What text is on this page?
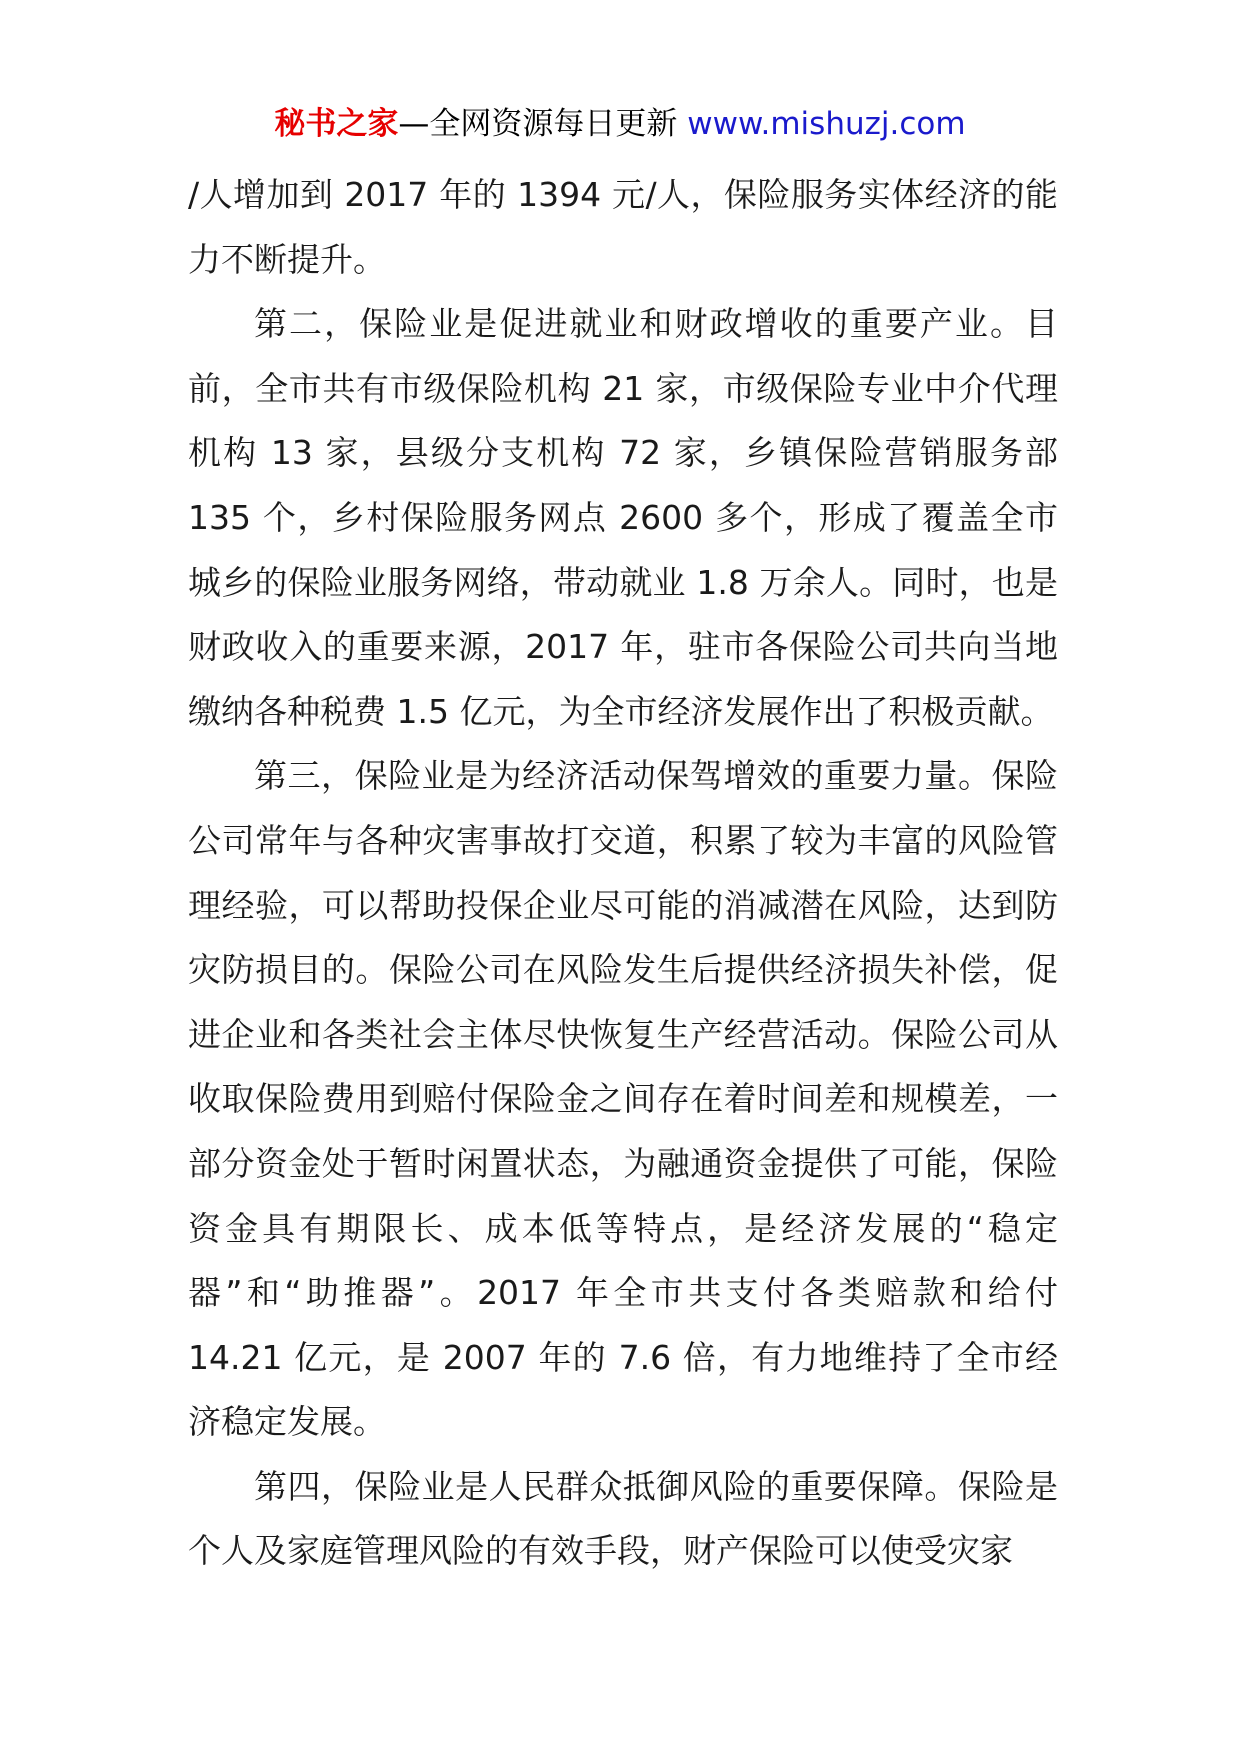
秘书之家—全网资源每日更新 www.mishuzj.com

/人增加到 2017 年的 1394 元/人，保险服务实体经济的能力不断提升。

第二，保险业是促进就业和财政增收的重要产业。目前，全市共有市级保险机构 21 家，市级保险专业中介代理机构 13 家，县级分支机构 72 家，乡镇保险营销服务部 135 个，乡村保险服务网点 2600 多个，形成了覆盖全市城乡的保险业服务网络，带动就业 1.8 万余人。同时，也是财政收入的重要来源，2017 年，驻市各保险公司共向当地缴纳各种税费 1.5 亿元，为全市经济发展作出了积极贡献。

第三，保险业是为经济活动保驾增效的重要力量。保险公司常年与各种灾害事故打交道，积累了较为丰富的风险管理经验，可以帮助投保企业尽可能的消减潜在风险，达到防灾防损目的。保险公司在风险发生后提供经济损失补偿，促进企业和各类社会主体尽快恢复生产经营活动。保险公司从收取保险费用到赔付保险金之间存在着时间差和规模差，一部分资金处于暂时闲置状态，为融通资金提供了可能，保险资金具有期限长、成本低等特点，是经济发展的“稳定器”和“助推器”。2017 年全市共支付各类赔款和给付 14.21 亿元，是 2007 年的 7.6 倍，有力地维持了全市经济稳定发展。

第四，保险业是人民群众抵御风险的重要保障。保险是个人及家庭管理风险的有效手段，财产保险可以使受灾家
